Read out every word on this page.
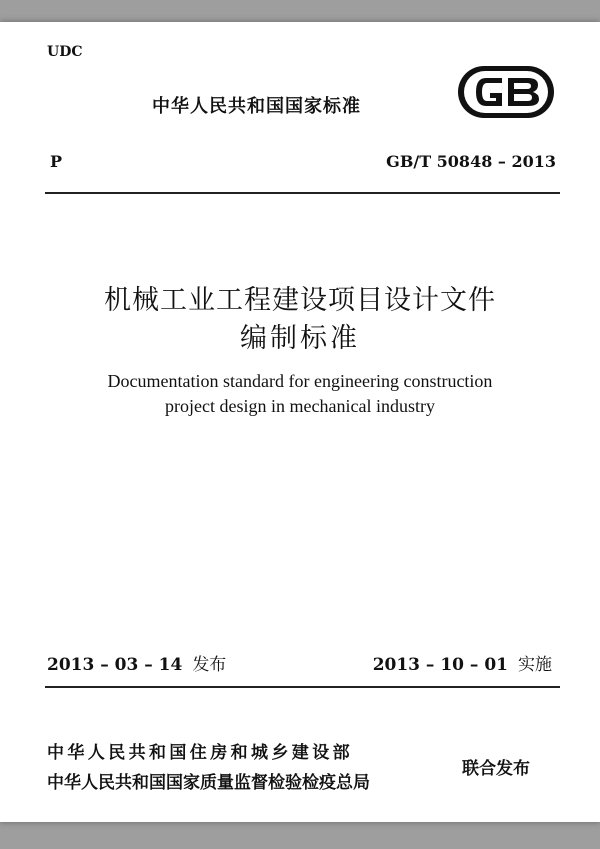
UDC
中华人民共和国国家标准
P	GB/T 50848 – 2013
机械工业工程建设项目设计文件
编制标准
Documentation standard for engineering construction
project design in mechanical industry
2013 – 03 – 14 发布	2013 – 10 – 01 实施
中华人民共和国住房和城乡建设部
中华人民共和国国家质量监督检验检疫总局
联合发布
